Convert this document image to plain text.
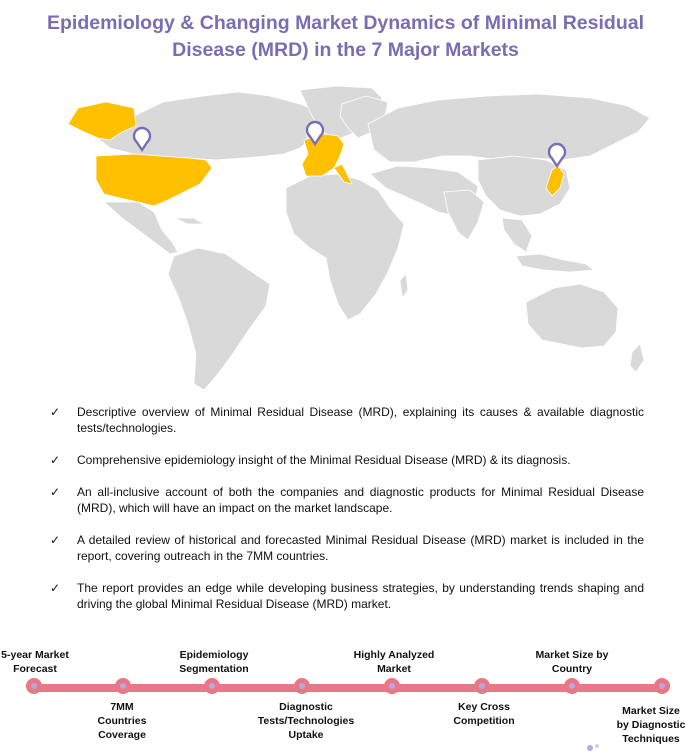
Epidemiology & Changing Market Dynamics of Minimal Residual
Disease (MRD) in the 7 Major Markets
✓ Descriptive overview of Minimal Residual Disease (MRD), explaining its causes & available diagnostic tests/technologies.
✓ Comprehensive epidemiology insight of the Minimal Residual Disease (MRD) & its diagnosis.
✓ An all-inclusive account of both the companies and diagnostic products for Minimal Residual Disease (MRD), which will have an impact on the market landscape.
✓ A detailed review of historical and forecasted Minimal Residual Disease (MRD) market is included in the report, covering outreach in the 7MM countries.
✓ The report provides an edge while developing business strategies, by understanding trends shaping and driving the global Minimal Residual Disease (MRD) market.
5-year Market
Forecast
Epidemiology
Segmentation
Highly Analyzed
Market
Market Size by
Country
7MM
Countries
Coverage
Diagnostic
Tests/Technologies
Uptake
Key Cross
Competition
Market Size
by Diagnostic
Techniques
